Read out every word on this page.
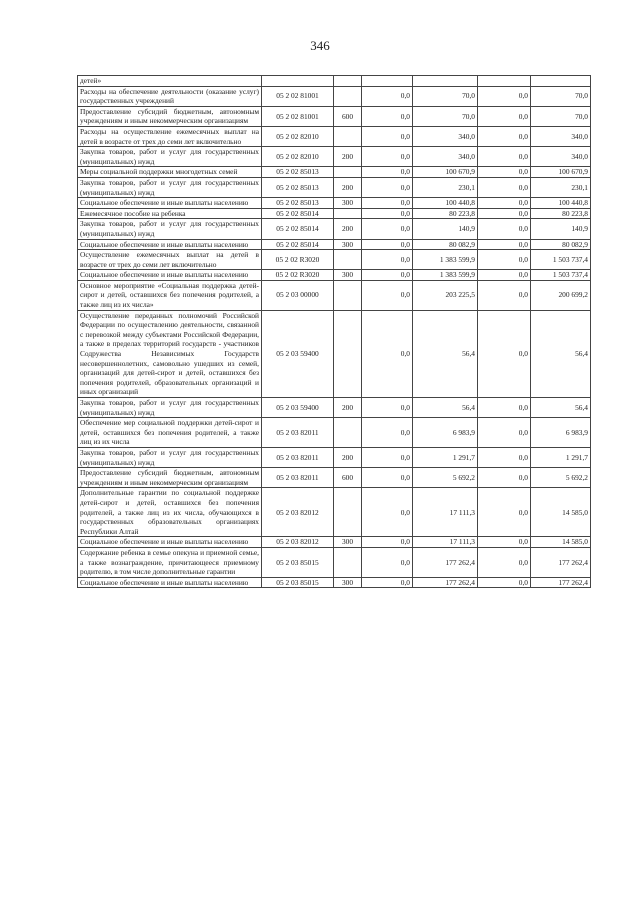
346
детей»						
Расходы на обеспечение деятельности (оказание услуг) государственных учреждений	05 2 02 81001		0,0	70,0	0,0	70,0
Предоставление субсидий бюджетным, автономным учреждениям и иным некоммерческим организациям	05 2 02 81001	600	0,0	70,0	0,0	70,0
Расходы на осуществление ежемесячных выплат на детей в возрасте от трех до семи лет включительно	05 2 02 82010		0,0	340,0	0,0	340,0
Закупка товаров, работ и услуг для государственных (муниципальных) нужд	05 2 02 82010	200	0,0	340,0	0,0	340,0
Меры социальной поддержки многодетных семей	05 2 02 85013		0,0	100 670,9	0,0	100 670,9
Закупка товаров, работ и услуг для государственных (муниципальных) нужд	05 2 02 85013	200	0,0	230,1	0,0	230,1
Социальное обеспечение и иные выплаты населению	05 2 02 85013	300	0,0	100 440,8	0,0	100 440,8
Ежемесячное пособие на ребенка	05 2 02 85014		0,0	80 223,8	0,0	80 223,8
Закупка товаров, работ и услуг для государственных (муниципальных) нужд	05 2 02 85014	200	0,0	140,9	0,0	140,9
Социальное обеспечение и иные выплаты населению	05 2 02 85014	300	0,0	80 082,9	0,0	80 082,9
Осуществление ежемесячных выплат на детей в возрасте от трех до семи лет включительно	05 2 02 R3020		0,0	1 383 599,9	0,0	1 503 737,4
Социальное обеспечение и иные выплаты населению	05 2 02 R3020	300	0,0	1 383 599,9	0,0	1 503 737,4
Основное мероприятие «Социальная поддержка детей-сирот и детей, оставшихся без попечения родителей, а также лиц из их числа»	05 2 03 00000		0,0	203 225,5	0,0	200 699,2
Осуществление переданных полномочий Российской Федерации по осуществлению деятельности, связанной с перевозкой между субъектами Российской Федерации, а также в пределах территорий государств - участников Содружества Независимых Государств несовершеннолетних, самовольно ушедших из семей, организаций для детей-сирот и детей, оставшихся без попечения родителей, образовательных организаций и иных организаций	05 2 03 59400		0,0	56,4	0,0	56,4
Закупка товаров, работ и услуг для государственных (муниципальных) нужд	05 2 03 59400	200	0,0	56,4	0,0	56,4
Обеспечение мер социальной поддержки детей-сирот и детей, оставшихся без попечения родителей, а также лиц из их числа	05 2 03 82011		0,0	6 983,9	0,0	6 983,9
Закупка товаров, работ и услуг для государственных (муниципальных) нужд	05 2 03 82011	200	0,0	1 291,7	0,0	1 291,7
Предоставление субсидий бюджетным, автономным учреждениям и иным некоммерческим организациям	05 2 03 82011	600	0,0	5 692,2	0,0	5 692,2
Дополнительные гарантии по социальной поддержке детей-сирот и детей, оставшихся без попечения родителей, а также лиц из их числа, обучающихся в государственных образовательных организациях Республики Алтай	05 2 03 82012		0,0	17 111,3	0,0	14 585,0
Социальное обеспечение и иные выплаты населению	05 2 03 82012	300	0,0	17 111,3	0,0	14 585,0
Содержание ребенка в семье опекуна и приемной семье, а также вознаграждение, причитающееся приемному родителю, в том числе дополнительные гарантии	05 2 03 85015		0,0	177 262,4	0,0	177 262,4
Социальное обеспечение и иные выплаты населению	05 2 03 85015	300	0,0	177 262,4	0,0	177 262,4
